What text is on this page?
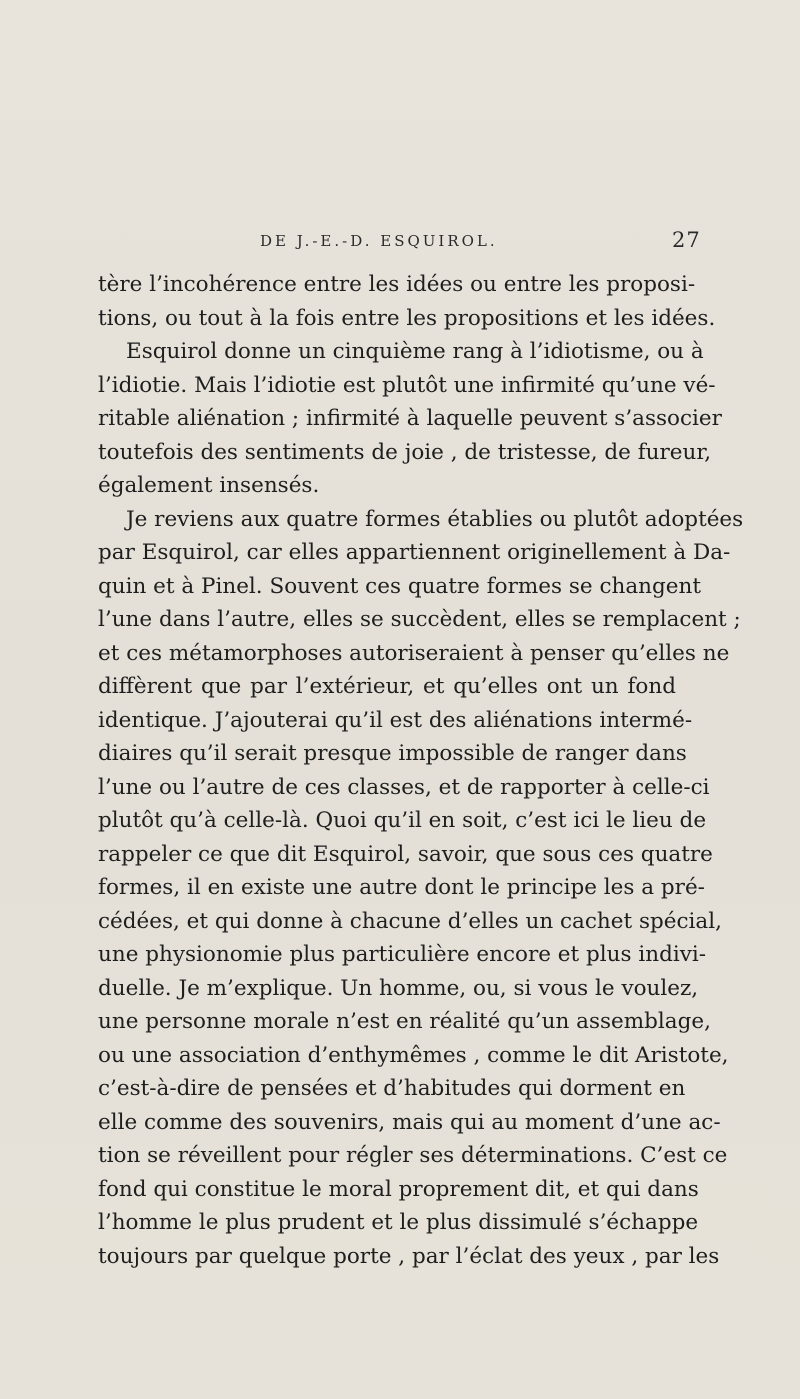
DE J.-E.-D. ESQUIROL.	27
tère l’incohérence entre les idées ou entre les proposi-
tions, ou tout à la fois entre les propositions et les idées.
Esquirol donne un cinquième rang à l’idiotisme, ou à
l’idiotie. Mais l’idiotie est plutôt une infirmité qu’une vé-
ritable aliénation ; infirmité à laquelle peuvent s’associer
toutefois des sentiments de joie , de tristesse, de fureur,
également insensés.
Je reviens aux quatre formes établies ou plutôt adoptées
par Esquirol, car elles appartiennent originellement à Da-
quin et à Pinel. Souvent ces quatre formes se changent
l’une dans l’autre, elles se succèdent, elles se remplacent ;
et ces métamorphoses autoriseraient à penser qu’elles ne
diffèrent que par l’extérieur, et qu’elles ont un fond
identique. J’ajouterai qu’il est des aliénations intermé-
diaires qu’il serait presque impossible de ranger dans
l’une ou l’autre de ces classes, et de rapporter à celle-ci
plutôt qu’à celle-là. Quoi qu’il en soit, c’est ici le lieu de
rappeler ce que dit Esquirol, savoir, que sous ces quatre
formes, il en existe une autre dont le principe les a pré-
cédées, et qui donne à chacune d’elles un cachet spécial,
une physionomie plus particulière encore et plus indivi-
duelle. Je m’explique. Un homme, ou, si vous le voulez,
une personne morale n’est en réalité qu’un assemblage,
ou une association d’enthymêmes , comme le dit Aristote,
c’est-à-dire de pensées et d’habitudes qui dorment en
elle comme des souvenirs, mais qui au moment d’une ac-
tion se réveillent pour régler ses déterminations. C’est ce
fond qui constitue le moral proprement dit, et qui dans
l’homme le plus prudent et le plus dissimulé s’échappe
toujours par quelque porte , par l’éclat des yeux , par les
